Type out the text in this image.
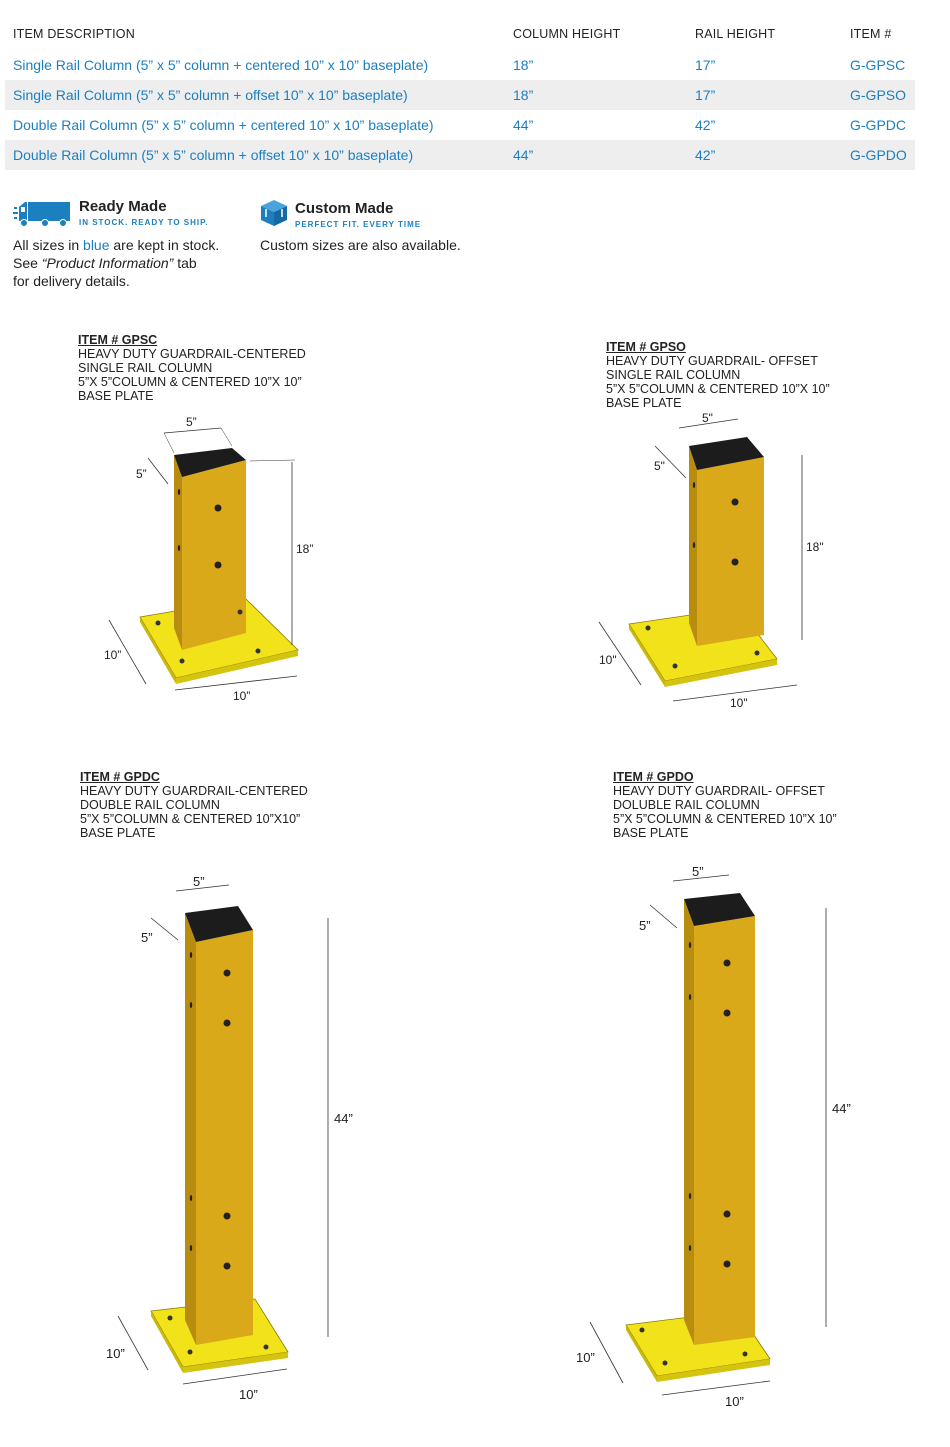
ITEM DESCRIPTION	COLUMN HEIGHT	RAIL HEIGHT	ITEM #
Single Rail Column (5” x 5” column + centered 10” x 10” baseplate)	18”	17”	G-GPSC
Single Rail Column (5” x 5” column + offset 10” x 10” baseplate)	18”	17”	G-GPSO
Double Rail Column (5” x 5” column + centered 10” x 10” baseplate)	44”	42”	G-GPDC
Double Rail Column (5” x 5” column + offset 10” x 10” baseplate)	44”	42”	G-GPDO
Ready Made
IN STOCK. READY TO SHIP.
All sizes in blue are kept in stock.
See “Product Information” tab
for delivery details.
Custom Made
PERFECT FIT. EVERY TIME
Custom sizes are also available.
ITEM # GPSC
HEAVY DUTY GUARDRAIL-CENTERED
SINGLE RAIL COLUMN
5”X 5”COLUMN & CENTERED 10”X 10”
BASE PLATE
ITEM # GPSO
HEAVY DUTY GUARDRAIL- OFFSET
SINGLE RAIL COLUMN
5”X 5”COLUMN & CENTERED 10”X 10”
BASE PLATE
ITEM # GPDC
HEAVY DUTY GUARDRAIL-CENTERED
DOUBLE RAIL COLUMN
5”X 5”COLUMN & CENTERED 10”X10”
BASE PLATE
ITEM # GPDO
HEAVY DUTY GUARDRAIL- OFFSET
DOLUBLE RAIL COLUMN
5”X 5”COLUMN & CENTERED 10”X 10”
BASE PLATE
5”
5”
18”
10”
10”
5"
5"
18"
10"
10"
5”
5”
44”
10”
10”
5”
5”
44”
10”
10”
